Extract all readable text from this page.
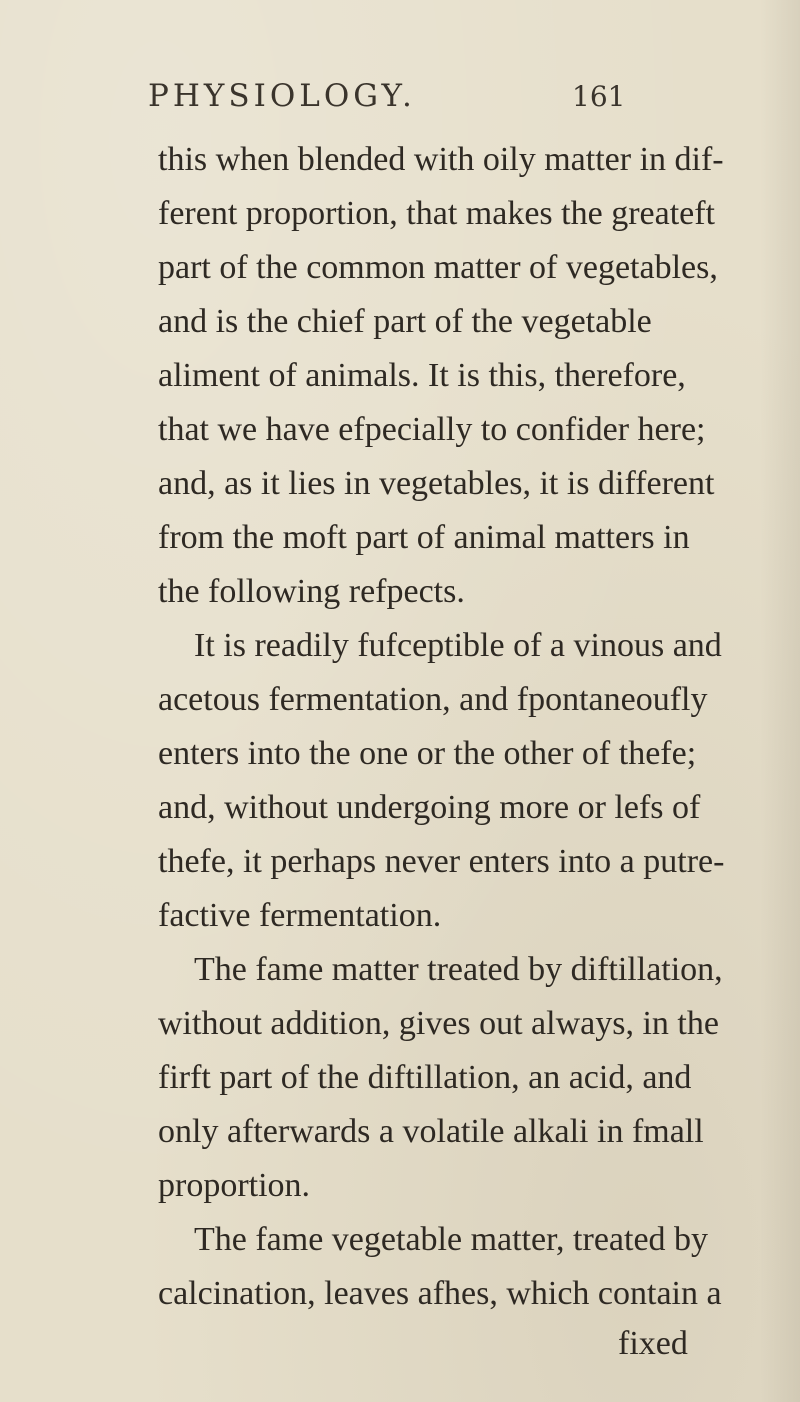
PHYSIOLOGY.	161
this when blended with oily matter in dif-
ferent proportion, that makes the greateft
part of the common matter of vegetables,
and is the chief part of the vegetable
aliment of animals. It is this, therefore,
that we have efpecially to confider here;
and, as it lies in vegetables, it is different
from the moft part of animal matters in
the following refpects.
It is readily fufceptible of a vinous and
acetous fermentation, and fpontaneoufly
enters into the one or the other of thefe;
and, without undergoing more or lefs of
thefe, it perhaps never enters into a putre-
factive fermentation.
The fame matter treated by diftillation,
without addition, gives out always, in the
firft part of the diftillation, an acid, and
only afterwards a volatile alkali in fmall
proportion.
The fame vegetable matter, treated by
calcination, leaves afhes, which contain a
fixed
